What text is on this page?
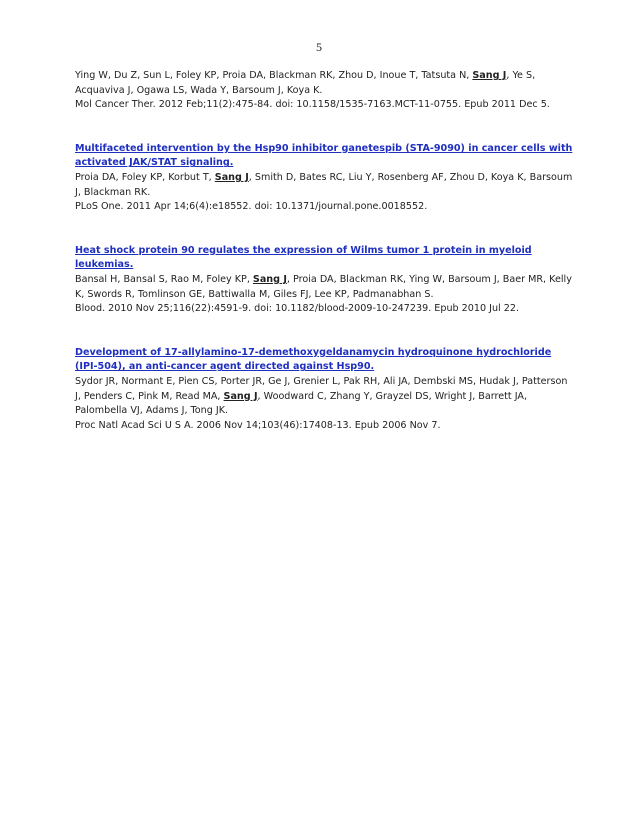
5
Ying W, Du Z, Sun L, Foley KP, Proia DA, Blackman RK, Zhou D, Inoue T, Tatsuta N, Sang J, Ye S, Acquaviva J, Ogawa LS, Wada Y, Barsoum J, Koya K.
Mol Cancer Ther. 2012 Feb;11(2):475-84. doi: 10.1158/1535-7163.MCT-11-0755. Epub 2011 Dec 5.
Multifaceted intervention by the Hsp90 inhibitor ganetespib (STA-9090) in cancer cells with activated JAK/STAT signaling.
Proia DA, Foley KP, Korbut T, Sang J, Smith D, Bates RC, Liu Y, Rosenberg AF, Zhou D, Koya K, Barsoum J, Blackman RK.
PLoS One. 2011 Apr 14;6(4):e18552. doi: 10.1371/journal.pone.0018552.
Heat shock protein 90 regulates the expression of Wilms tumor 1 protein in myeloid leukemias.
Bansal H, Bansal S, Rao M, Foley KP, Sang J, Proia DA, Blackman RK, Ying W, Barsoum J, Baer MR, Kelly K, Swords R, Tomlinson GE, Battiwalla M, Giles FJ, Lee KP, Padmanabhan S.
Blood. 2010 Nov 25;116(22):4591-9. doi: 10.1182/blood-2009-10-247239. Epub 2010 Jul 22.
Development of 17-allylamino-17-demethoxygeldanamycin hydroquinone hydrochloride (IPI-504), an anti-cancer agent directed against Hsp90.
Sydor JR, Normant E, Pien CS, Porter JR, Ge J, Grenier L, Pak RH, Ali JA, Dembski MS, Hudak J, Patterson J, Penders C, Pink M, Read MA, Sang J, Woodward C, Zhang Y, Grayzel DS, Wright J, Barrett JA, Palombella VJ, Adams J, Tong JK.
Proc Natl Acad Sci U S A. 2006 Nov 14;103(46):17408-13. Epub 2006 Nov 7.
